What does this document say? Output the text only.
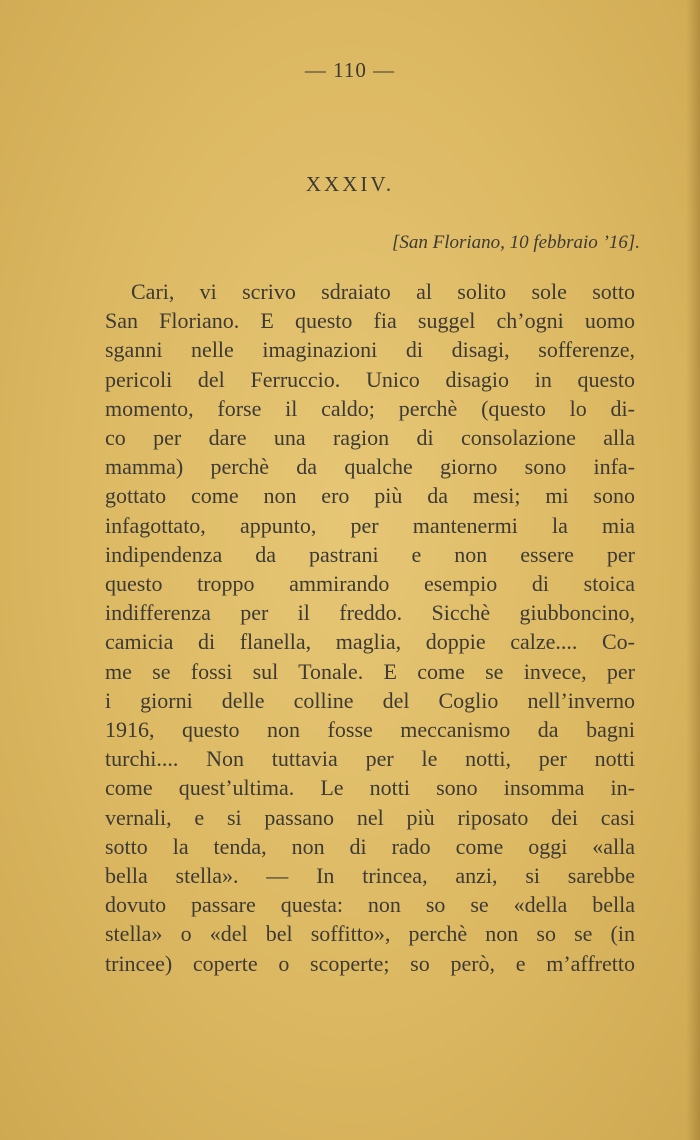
— 110 —
XXXIV.
[San Floriano, 10 febbraio ’16].
Cari, vi scrivo sdraiato al solito sole sotto
San Floriano. E questo fia suggel ch’ogni uomo
sganni nelle imaginazioni di disagi, sofferenze,
pericoli del Ferruccio. Unico disagio in questo
momento, forse il caldo; perchè (questo lo di-
co per dare una ragion di consolazione alla
mamma) perchè da qualche giorno sono infa-
gottato come non ero più da mesi; mi sono
infagottato, appunto, per mantenermi la mia
indipendenza da pastrani e non essere per
questo troppo ammirando esempio di stoica
indifferenza per il freddo. Sicchè giubboncino,
camicia di flanella, maglia, doppie calze.... Co-
me se fossi sul Tonale. E come se invece, per
i giorni delle colline del Coglio nell’inverno
1916, questo non fosse meccanismo da bagni
turchi.... Non tuttavia per le notti, per notti
come quest’ultima. Le notti sono insomma in-
vernali, e si passano nel più riposato dei casi
sotto la tenda, non di rado come oggi «alla
bella stella». — In trincea, anzi, si sarebbe
dovuto passare questa: non so se «della bella
stella» o «del bel soffitto», perchè non so se (in
trincee) coperte o scoperte; so però, e m’affretto
